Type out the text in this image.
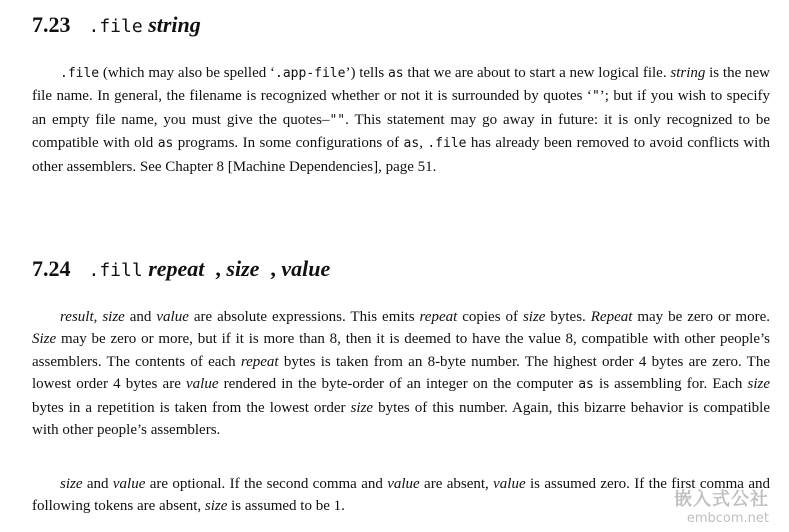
7.23 .file string

.file (which may also be spelled ‘.app-file’) tells as that we are about to start a new logical file. string is the new file name. In general, the filename is recognized whether or not it is surrounded by quotes ‘"’; but if you wish to specify an empty file name, you must give the quotes–"". This statement may go away in future: it is only recognized to be compatible with old as programs. In some configurations of as, .file has already been removed to avoid conflicts with other assemblers. See Chapter 8 [Machine Dependencies], page 51.

7.24 .fill repeat , size , value

result, size and value are absolute expressions. This emits repeat copies of size bytes. Repeat may be zero or more. Size may be zero or more, but if it is more than 8, then it is deemed to have the value 8, compatible with other people’s assemblers. The contents of each repeat bytes is taken from an 8-byte number. The highest order 4 bytes are zero. The lowest order 4 bytes are value rendered in the byte-order of an integer on the computer as is assembling for. Each size bytes in a repetition is taken from the lowest order size bytes of this number. Again, this bizarre behavior is compatible with other people’s assemblers.

size and value are optional. If the second comma and value are absent, value is assumed zero. If the first comma and following tokens are absent, size is assumed to be 1.	嵌入式公社
embcom.net
